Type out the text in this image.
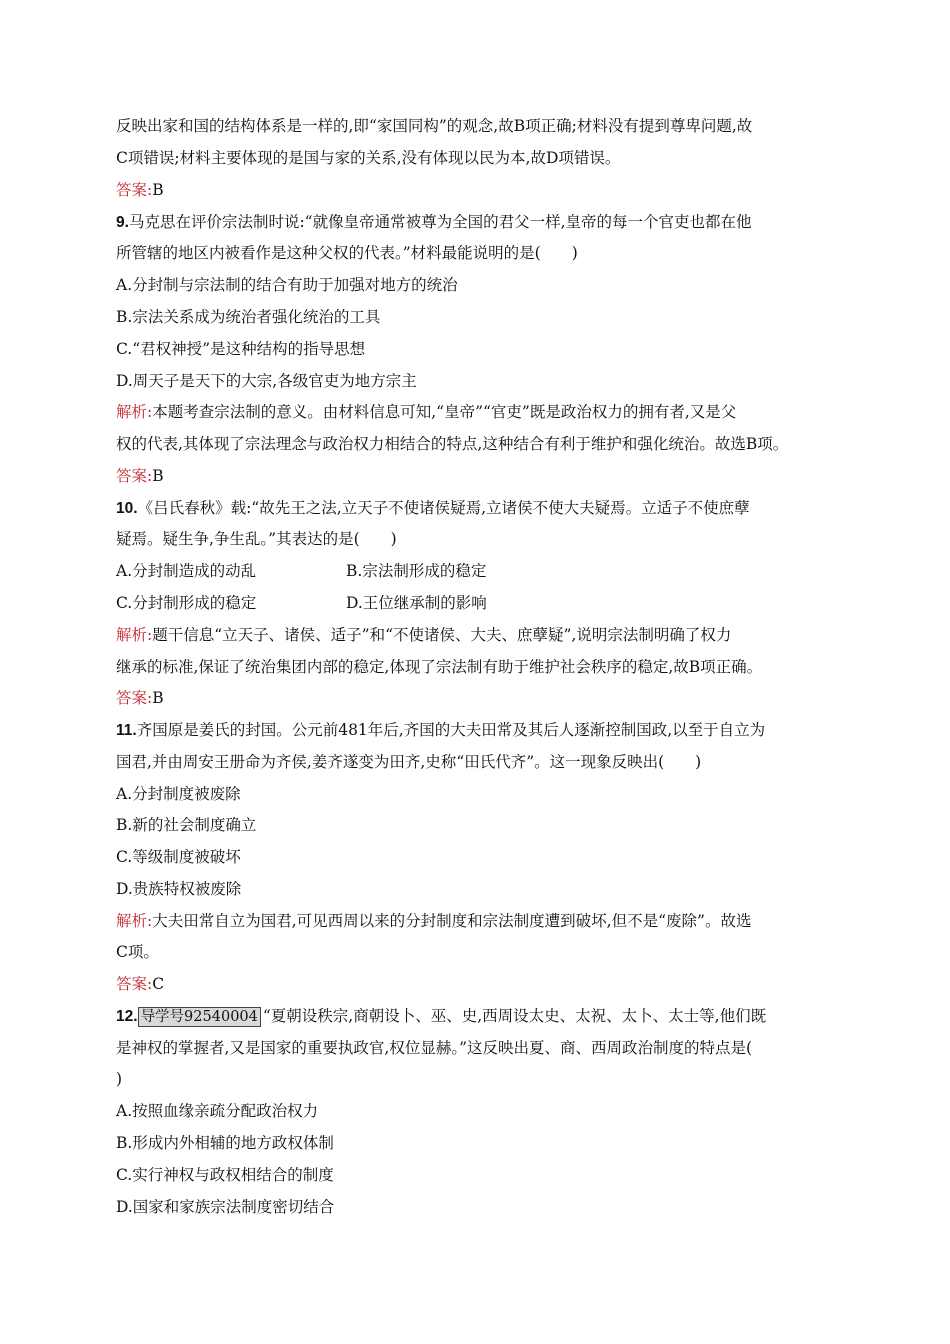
反映出家和国的结构体系是一样的,即“家国同构”的观念,故B项正确;材料没有提到尊卑问题,故
C项错误;材料主要体现的是国与家的关系,没有体现以民为本,故D项错误。
答案:B
9.马克思在评价宗法制时说:“就像皇帝通常被尊为全国的君父一样,皇帝的每一个官吏也都在他
所管辖的地区内被看作是这种父权的代表。”材料最能说明的是(　　)
A.分封制与宗法制的结合有助于加强对地方的统治
B.宗法关系成为统治者强化统治的工具
C.“君权神授”是这种结构的指导思想
D.周天子是天下的大宗,各级官吏为地方宗主
解析:本题考查宗法制的意义。由材料信息可知,“皇帝”“官吏”既是政治权力的拥有者,又是父
权的代表,其体现了宗法理念与政治权力相结合的特点,这种结合有利于维护和强化统治。故选B项。
答案:B
10.《吕氏春秋》载:“故先王之法,立天子不使诸侯疑焉,立诸侯不使大夫疑焉。立适子不使庶孽
疑焉。疑生争,争生乱。”其表达的是(　　)
A.分封制造成的动乱	B.宗法制形成的稳定
C.分封制形成的稳定	D.王位继承制的影响
解析:题干信息“立天子、诸侯、适子”和“不使诸侯、大夫、庶孽疑”,说明宗法制明确了权力
继承的标准,保证了统治集团内部的稳定,体现了宗法制有助于维护社会秩序的稳定,故B项正确。
答案:B
11.齐国原是姜氏的封国。公元前481年后,齐国的大夫田常及其后人逐渐控制国政,以至于自立为
国君,并由周安王册命为齐侯,姜齐遂变为田齐,史称“田氏代齐”。这一现象反映出(　　)
A.分封制度被废除
B.新的社会制度确立
C.等级制度被破坏
D.贵族特权被废除
解析:大夫田常自立为国君,可见西周以来的分封制度和宗法制度遭到破坏,但不是“废除”。故选
C项。
答案:C
12. 导学号92540004 “夏朝设秩宗,商朝设卜、巫、史,西周设太史、太祝、太卜、太士等,他们既
是神权的掌握者,又是国家的重要执政官,权位显赫。”这反映出夏、商、西周政治制度的特点是(
)
A.按照血缘亲疏分配政治权力
B.形成内外相辅的地方政权体制
C.实行神权与政权相结合的制度
D.国家和家族宗法制度密切结合
